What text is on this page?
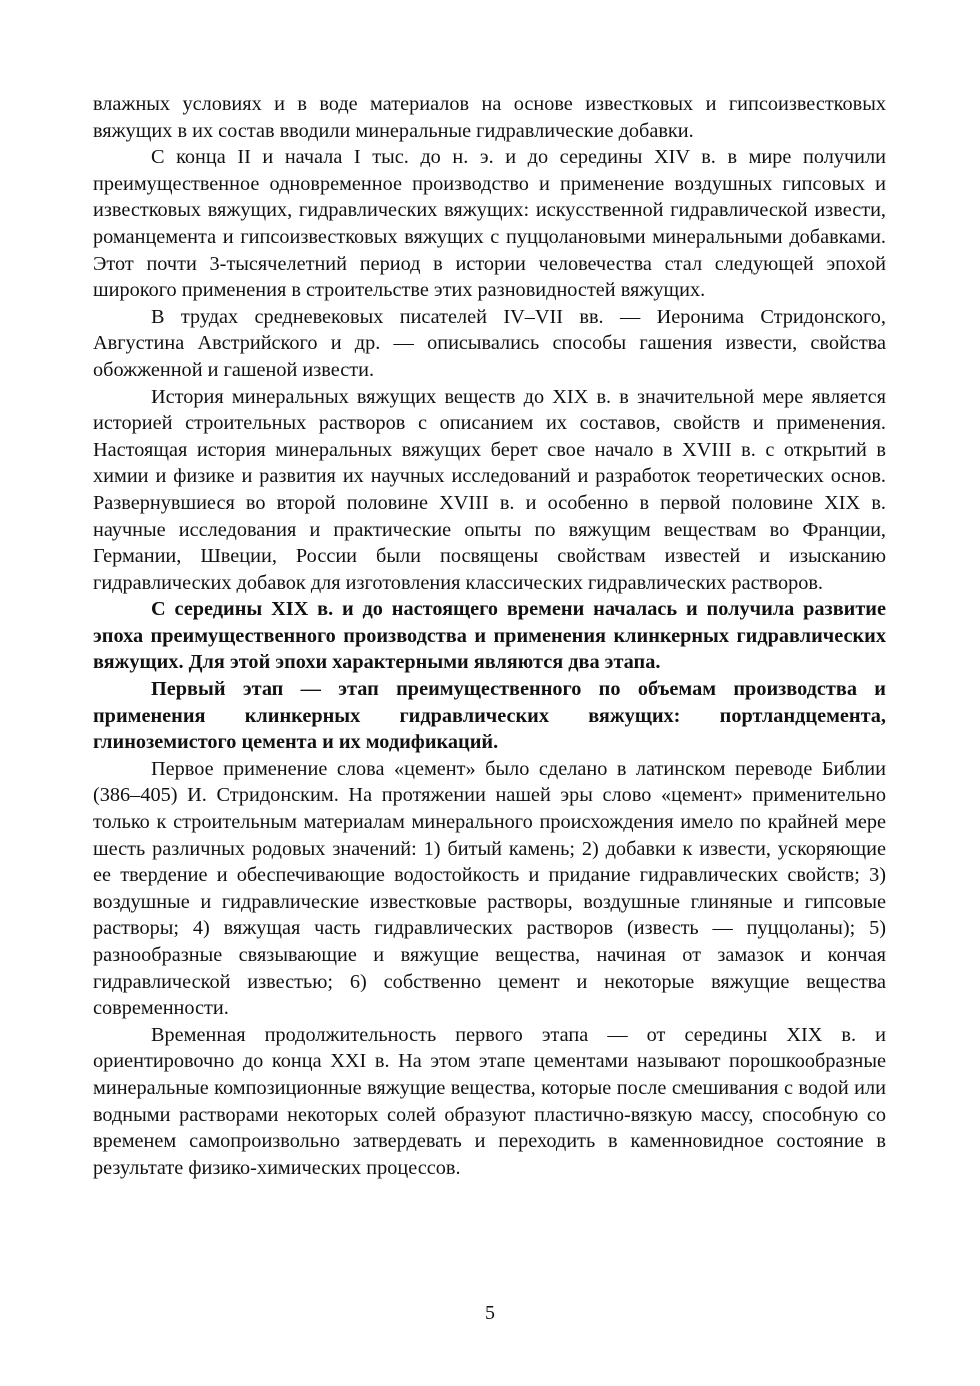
влажных условиях и в воде материалов на основе известковых и гипсоизвестковых вяжущих в их состав вводили минеральные гидравлические добавки.

С конца II и начала I тыс. до н. э. и до середины XIV в. в мире получили преимущественное одновременное производство и применение воздушных гипсовых и известковых вяжущих, гидравлических вяжущих: искусственной гидравлической извести, романцемента и гипсоизвестковых вяжущих с пуццолановыми минеральными добавками. Этот почти 3-тысячелетний период в истории человечества стал следующей эпохой широкого применения в строительстве этих разновидностей вяжущих.

В трудах средневековых писателей IV–VII вв. — Иеронима Стридонского, Августина Австрийского и др. — описывались способы гашения извести, свойства обожженной и гашеной извести.

История минеральных вяжущих веществ до XIX в. в значительной мере является историей строительных растворов с описанием их составов, свойств и применения. Настоящая история минеральных вяжущих берет свое начало в XVIII в. с открытий в химии и физике и развития их научных исследований и разработок теоретических основ. Развернувшиеся во второй половине XVIII в. и особенно в первой половине XIX в. научные исследования и практические опыты по вяжущим веществам во Франции, Германии, Швеции, России были посвящены свойствам известей и изысканию гидравлических добавок для изготовления классических гидравлических растворов.

С середины XIX в. и до настоящего времени началась и получила развитие эпоха преимущественного производства и применения клинкерных гидравлических вяжущих. Для этой эпохи характерными являются два этапа.

Первый этап — этап преимущественного по объемам производства и применения клинкерных гидравлических вяжущих: портландцемента, глиноземистого цемента и их модификаций.

Первое применение слова «цемент» было сделано в латинском переводе Библии (386–405) И. Стридонским. На протяжении нашей эры слово «цемент» применительно только к строительным материалам минерального происхождения имело по крайней мере шесть различных родовых значений: 1) битый камень; 2) добавки к извести, ускоряющие ее твердение и обеспечивающие водостойкость и придание гидравлических свойств; 3) воздушные и гидравлические известковые растворы, воздушные глиняные и гипсовые растворы; 4) вяжущая часть гидравлических растворов (известь — пуццоланы); 5) разнообразные связывающие и вяжущие вещества, начиная от замазок и кончая гидравлической известью; 6) собственно цемент и некоторые вяжущие вещества современности.

Временная продолжительность первого этапа — от середины XIX в. и ориентировочно до конца XXI в. На этом этапе цементами называют порошкообразные минеральные композиционные вяжущие вещества, которые после смешивания с водой или водными растворами некоторых солей образуют пластично-вязкую массу, способную со временем самопроизвольно затвердевать и переходить в каменновидное состояние в результате физико-химических процессов.

5
